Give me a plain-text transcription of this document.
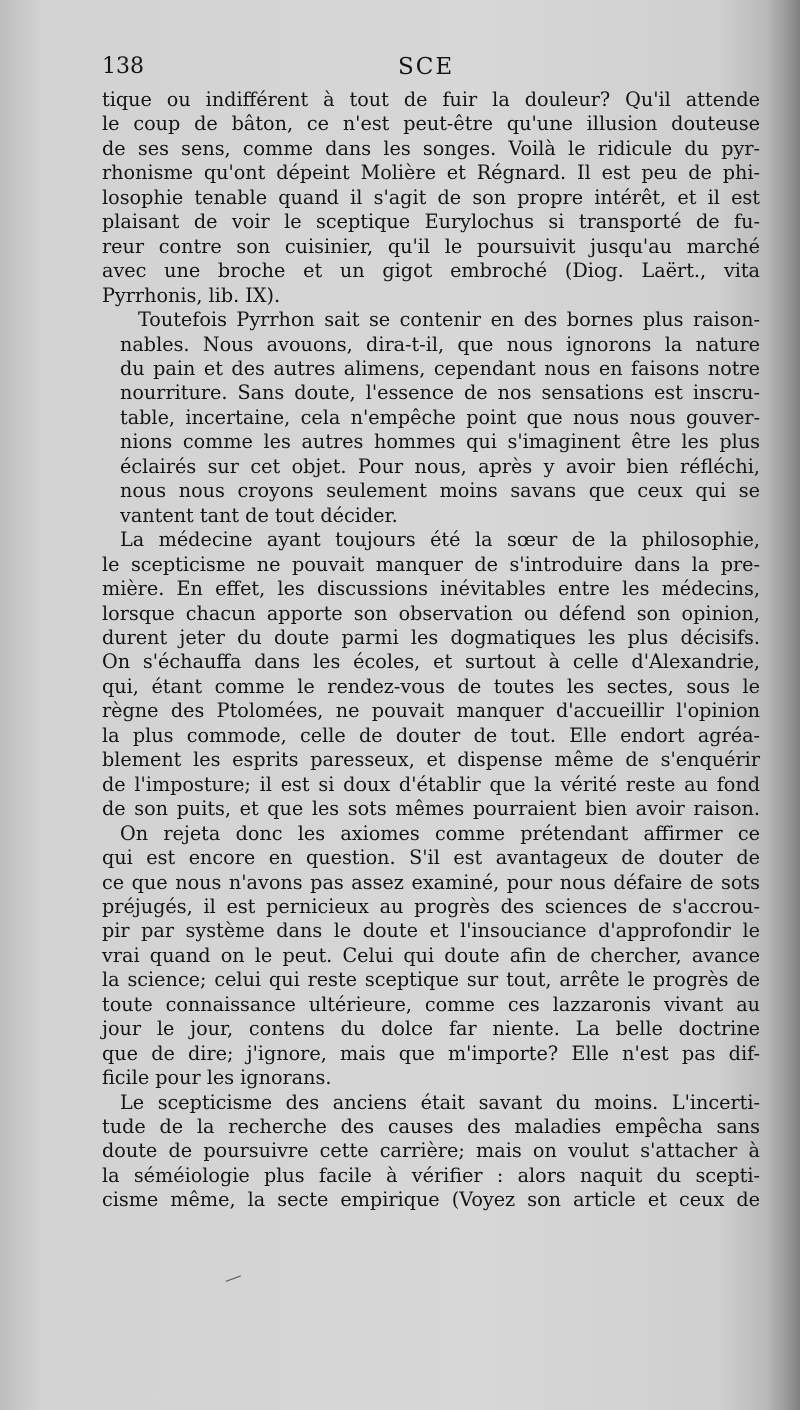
138	SCE

tique ou indifférent à tout de fuir la douleur? Qu'il attende
le coup de bâton, ce n'est peut-être qu'une illusion douteuse
de ses sens, comme dans les songes. Voilà le ridicule du pyr-
rhonisme qu'ont dépeint Molière et Régnard. Il est peu de phi-
losophie tenable quand il s'agit de son propre intérêt, et il est
plaisant de voir le sceptique Eurylochus si transporté de fu-
reur contre son cuisinier, qu'il le poursuivit jusqu'au marché
avec une broche et un gigot embroché (Diog. Laërt., vita
Pyrrhonis, lib. IX).

Toutefois Pyrrhon sait se contenir en des bornes plus raison-
nables. Nous avouons, dira-t-il, que nous ignorons la nature
du pain et des autres alimens, cependant nous en faisons notre
nourriture. Sans doute, l'essence de nos sensations est inscru-
table, incertaine, cela n'empêche point que nous nous gouver-
nions comme les autres hommes qui s'imaginent être les plus
éclairés sur cet objet. Pour nous, après y avoir bien réfléchi,
nous nous croyons seulement moins savans que ceux qui se
vantent tant de tout décider.

La médecine ayant toujours été la sœur de la philosophie,
le scepticisme ne pouvait manquer de s'introduire dans la pre-
mière. En effet, les discussions inévitables entre les médecins,
lorsque chacun apporte son observation ou défend son opinion,
durent jeter du doute parmi les dogmatiques les plus décisifs.
On s'échauffa dans les écoles, et surtout à celle d'Alexandrie,
qui, étant comme le rendez-vous de toutes les sectes, sous le
règne des Ptolomées, ne pouvait manquer d'accueillir l'opinion
la plus commode, celle de douter de tout. Elle endort agréa-
blement les esprits paresseux, et dispense même de s'enquérir
de l'imposture; il est si doux d'établir que la vérité reste au fond
de son puits, et que les sots mêmes pourraient bien avoir raison.

On rejeta donc les axiomes comme prétendant affirmer ce
qui est encore en question. S'il est avantageux de douter de
ce que nous n'avons pas assez examiné, pour nous défaire de sots
préjugés, il est pernicieux au progrès des sciences de s'accrou-
pir par système dans le doute et l'insouciance d'approfondir le
vrai quand on le peut. Celui qui doute afin de chercher, avance
la science; celui qui reste sceptique sur tout, arrête le progrès de
toute connaissance ultérieure, comme ces lazzaronis vivant au
jour le jour, contens du dolce far niente. La belle doctrine
que de dire; j'ignore, mais que m'importe? Elle n'est pas dif-
ficile pour les ignorans.

Le scepticisme des anciens était savant du moins. L'incerti-
tude de la recherche des causes des maladies empêcha sans
doute de poursuivre cette carrière; mais on voulut s'attacher à
la séméiologie plus facile à vérifier : alors naquit du scepti-
cisme même, la secte empirique (Voyez son article et ceux de
